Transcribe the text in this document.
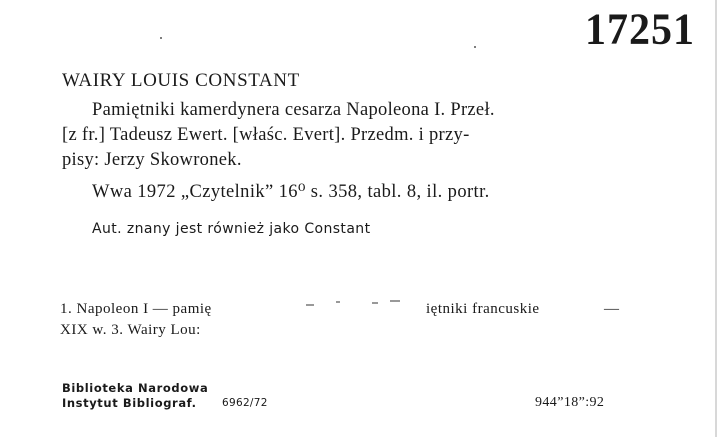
17251
WAIRY LOUIS CONSTANT
Pamiętniki kamerdynera cesarza Napoleona I. Przeł.
[z fr.] Tadeusz Ewert. [właśc. Evert]. Przedm. i przy-
pisy: Jerzy Skowronek.
Wwa 1972 „Czytelnik” 16⁰ s. 358, tabl. 8, il. portr.
Aut. znany jest również jako Constant
1. Napoleon I — pamię	iętniki francuskie	—
XIX w. 3. Wairy Lou:
Biblioteka Narodowa
Instytut Bibliograf. 6962/72	944”18”:92
